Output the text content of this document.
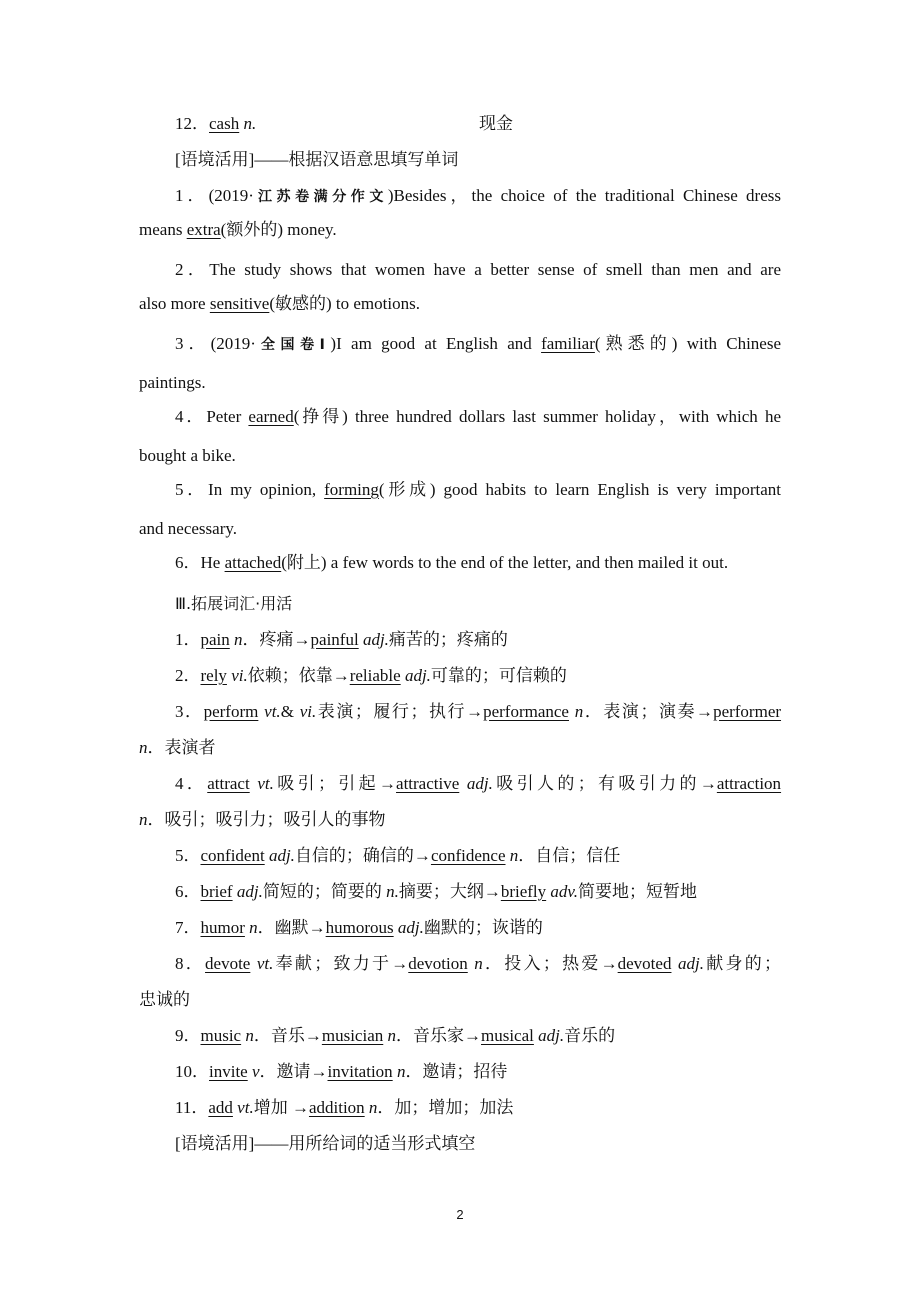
12．cash n.	现金
[语境活用]——根据汉语意思填写单词
1．(2019·江苏卷满分作文)Besides，the choice of the traditional Chinese dress
means extra(额外的) money.
2．The study shows that women have a better sense of smell than men and are
also more sensitive(敏感的) to emotions.
3．(2019·全国卷Ⅰ)I am good at English and familiar(熟悉的) with Chinese
paintings.
4．Peter earned(挣得) three hundred dollars last summer holiday，with which he
bought a bike.
5．In my opinion, forming(形成) good habits to learn English is very important
and necessary.
6．He attached(附上) a few words to the end of the letter, and then mailed it out.
Ⅲ.拓展词汇·用活
1．pain n．疼痛→painful adj.痛苦的；疼痛的
2．rely vi.依赖；依靠→reliable adj.可靠的；可信赖的
3．perform vt.& vi.表演；履行；执行→performance n．表演；演奏→performer
n．表演者
4．attract vt.吸引；引起→attractive adj.吸引人的；有吸引力的→attraction
n．吸引；吸引力；吸引人的事物
5．confident adj.自信的；确信的→confidence n．自信；信任
6．brief adj.简短的；简要的 n.摘要；大纲→briefly adv.简要地；短暂地
7．humor n．幽默→humorous adj.幽默的；诙谐的
8．devote vt.奉献；致力于→devotion n．投入；热爱→devoted adj.献身的；
忠诚的
9．music n．音乐→musician n．音乐家→musical adj.音乐的
10．invite v．邀请→invitation n．邀请；招待
11．add vt.增加 →addition n．加；增加；加法
[语境活用]——用所给词的适当形式填空
2
